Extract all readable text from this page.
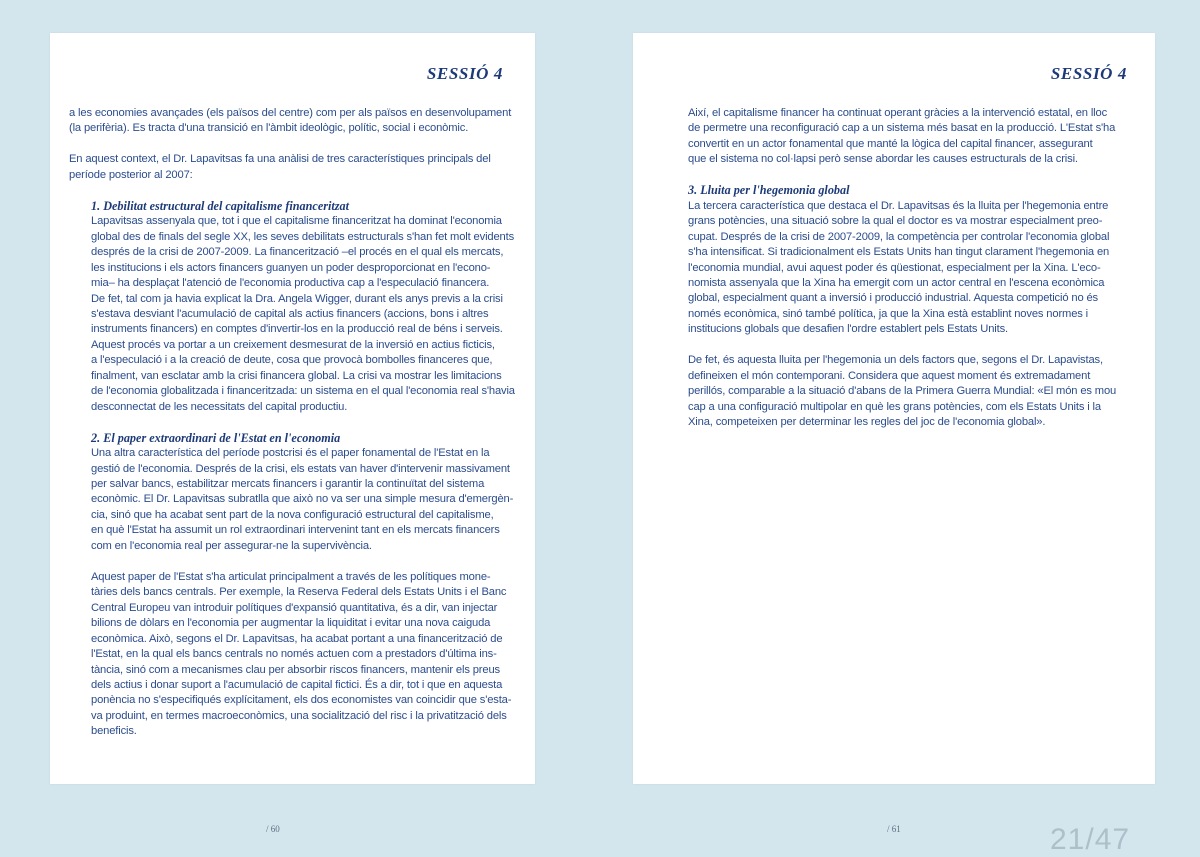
SESSIÓ 4

a les economies avançades (els països del centre) com per als països en desenvolupament

(la perifèria). Es tracta d'una transició en l'àmbit ideològic, polític, social i econòmic.

En aquest context, el Dr. Lapavitsas fa una anàlisi de tres característiques principals del

període posterior al 2007:

1. Debilitat estructural del capitalisme financeritzat

Lapavitsas assenyala que, tot i que el capitalisme financeritzat ha dominat l'economia

global des de finals del segle XX, les seves debilitats estructurals s'han fet molt evidents

després de la crisi de 2007-2009. La financerització –el procés en el qual els mercats,

les institucions i els actors financers guanyen un poder desproporcionat en l'econo-

mia– ha desplaçat l'atenció de l'economia productiva cap a l'especulació financera.

De fet, tal com ja havia explicat la Dra. Angela Wigger, durant els anys previs a la crisi

s'estava desviant l'acumulació de capital als actius financers (accions, bons i altres

instruments financers) en comptes d'invertir-los en la producció real de béns i serveis.

Aquest procés va portar a un creixement desmesurat de la inversió en actius ficticis,

a l'especulació i a la creació de deute, cosa que provocà bombolles financeres que,

finalment, van esclatar amb la crisi financera global. La crisi va mostrar les limitacions

de l'economia globalitzada i financeritzada: un sistema en el qual l'economia real s'havia

desconnectat de les necessitats del capital productiu.

2. El paper extraordinari de l'Estat en l'economia

Una altra característica del període postcrisi és el paper fonamental de l'Estat en la

gestió de l'economia. Després de la crisi, els estats van haver d'intervenir massivament

per salvar bancs, estabilitzar mercats financers i garantir la continuïtat del sistema

econòmic. El Dr. Lapavitsas subratlla que això no va ser una simple mesura d'emergèn-

cia, sinó que ha acabat sent part de la nova configuració estructural del capitalisme,

en què l'Estat ha assumit un rol extraordinari intervenint tant en els mercats financers

com en l'economia real per assegurar-ne la supervivència.

Aquest paper de l'Estat s'ha articulat principalment a través de les polítiques mone-

tàries dels bancs centrals. Per exemple, la Reserva Federal dels Estats Units i el Banc

Central Europeu van introduir polítiques d'expansió quantitativa, és a dir, van injectar

bilions de dòlars en l'economia per augmentar la liquiditat i evitar una nova caiguda

econòmica. Això, segons el Dr. Lapavitsas, ha acabat portant a una financerització de

l'Estat, en la qual els bancs centrals no només actuen com a prestadors d'última ins-

tància, sinó com a mecanismes clau per absorbir riscos financers, mantenir els preus

dels actius i donar suport a l'acumulació de capital fictici. És a dir, tot i que en aquesta

ponència no s'especifiqués explícitament, els dos economistes van coincidir que s'esta-

va produint, en termes macroeconòmics, una socialització del risc i la privatització dels

beneficis.

SESSIÓ 4

Així, el capitalisme financer ha continuat operant gràcies a la intervenció estatal, en lloc

de permetre una reconfiguració cap a un sistema més basat en la producció. L'Estat s'ha

convertit en un actor fonamental que manté la lògica del capital financer, assegurant

que el sistema no col·lapsi però sense abordar les causes estructurals de la crisi.

3. Lluita per l'hegemonia global

La tercera característica que destaca el Dr. Lapavitsas és la lluita per l'hegemonia entre

grans potències, una situació sobre la qual el doctor es va mostrar especialment preo-

cupat. Després de la crisi de 2007-2009, la competència per controlar l'economia global

s'ha intensificat. Si tradicionalment els Estats Units han tingut clarament l'hegemonia en

l'economia mundial, avui aquest poder és qüestionat, especialment per la Xina. L'eco-

nomista assenyala que la Xina ha emergit com un actor central en l'escena econòmica

global, especialment quant a inversió i producció industrial. Aquesta competició no és

només econòmica, sinó també política, ja que la Xina està establint noves normes i

institucions globals que desafien l'ordre establert pels Estats Units.

De fet, és aquesta lluita per l'hegemonia un dels factors que, segons el Dr. Lapavistas,

defineixen el món contemporani. Considera que aquest moment és extremadament

perillós, comparable a la situació d'abans de la Primera Guerra Mundial: «El món es mou

cap a una configuració multipolar en què les grans potències, com els Estats Units i la

Xina, competeixen per determinar les regles del joc de l'economia global».

/ 60	/ 61	21/47
